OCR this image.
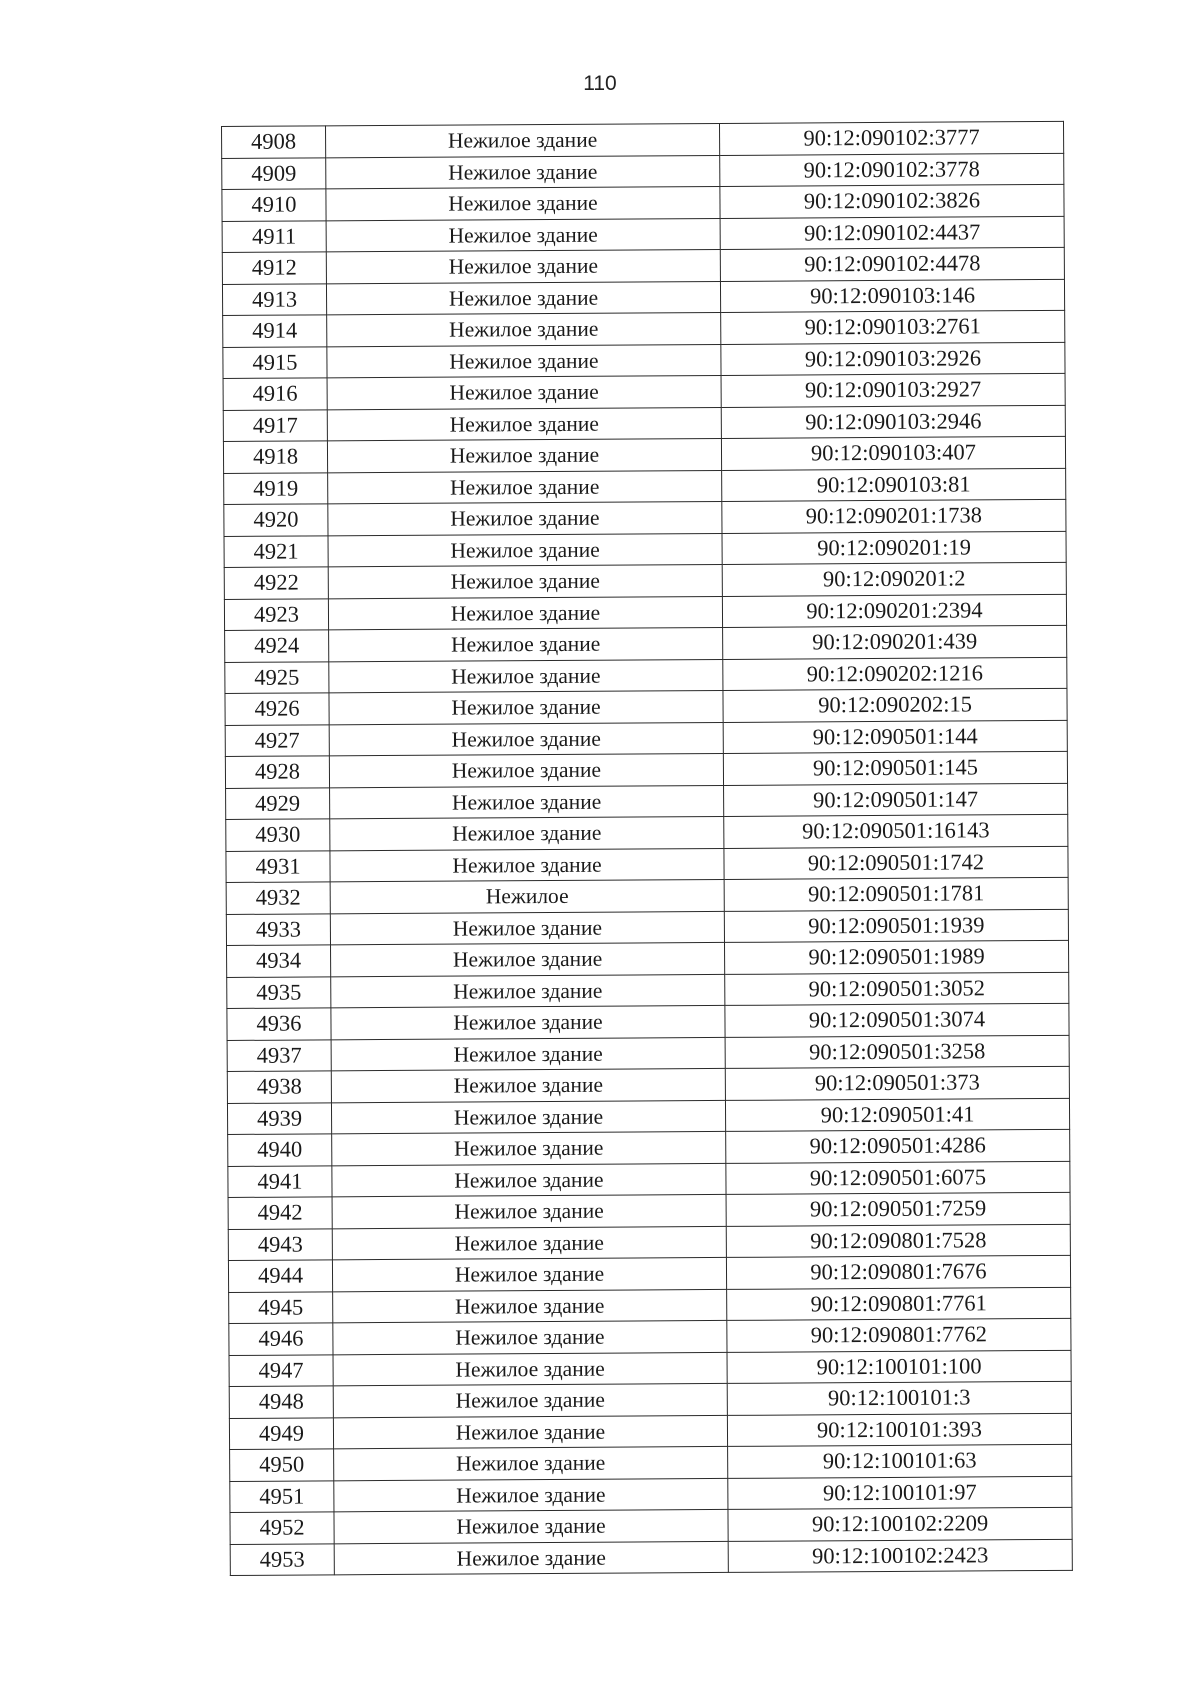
110
4908	Нежилое здание	90:12:090102:3777
4909	Нежилое здание	90:12:090102:3778
4910	Нежилое здание	90:12:090102:3826
4911	Нежилое здание	90:12:090102:4437
4912	Нежилое здание	90:12:090102:4478
4913	Нежилое здание	90:12:090103:146
4914	Нежилое здание	90:12:090103:2761
4915	Нежилое здание	90:12:090103:2926
4916	Нежилое здание	90:12:090103:2927
4917	Нежилое здание	90:12:090103:2946
4918	Нежилое здание	90:12:090103:407
4919	Нежилое здание	90:12:090103:81
4920	Нежилое здание	90:12:090201:1738
4921	Нежилое здание	90:12:090201:19
4922	Нежилое здание	90:12:090201:2
4923	Нежилое здание	90:12:090201:2394
4924	Нежилое здание	90:12:090201:439
4925	Нежилое здание	90:12:090202:1216
4926	Нежилое здание	90:12:090202:15
4927	Нежилое здание	90:12:090501:144
4928	Нежилое здание	90:12:090501:145
4929	Нежилое здание	90:12:090501:147
4930	Нежилое здание	90:12:090501:16143
4931	Нежилое здание	90:12:090501:1742
4932	Нежилое	90:12:090501:1781
4933	Нежилое здание	90:12:090501:1939
4934	Нежилое здание	90:12:090501:1989
4935	Нежилое здание	90:12:090501:3052
4936	Нежилое здание	90:12:090501:3074
4937	Нежилое здание	90:12:090501:3258
4938	Нежилое здание	90:12:090501:373
4939	Нежилое здание	90:12:090501:41
4940	Нежилое здание	90:12:090501:4286
4941	Нежилое здание	90:12:090501:6075
4942	Нежилое здание	90:12:090501:7259
4943	Нежилое здание	90:12:090801:7528
4944	Нежилое здание	90:12:090801:7676
4945	Нежилое здание	90:12:090801:7761
4946	Нежилое здание	90:12:090801:7762
4947	Нежилое здание	90:12:100101:100
4948	Нежилое здание	90:12:100101:3
4949	Нежилое здание	90:12:100101:393
4950	Нежилое здание	90:12:100101:63
4951	Нежилое здание	90:12:100101:97
4952	Нежилое здание	90:12:100102:2209
4953	Нежилое здание	90:12:100102:2423
